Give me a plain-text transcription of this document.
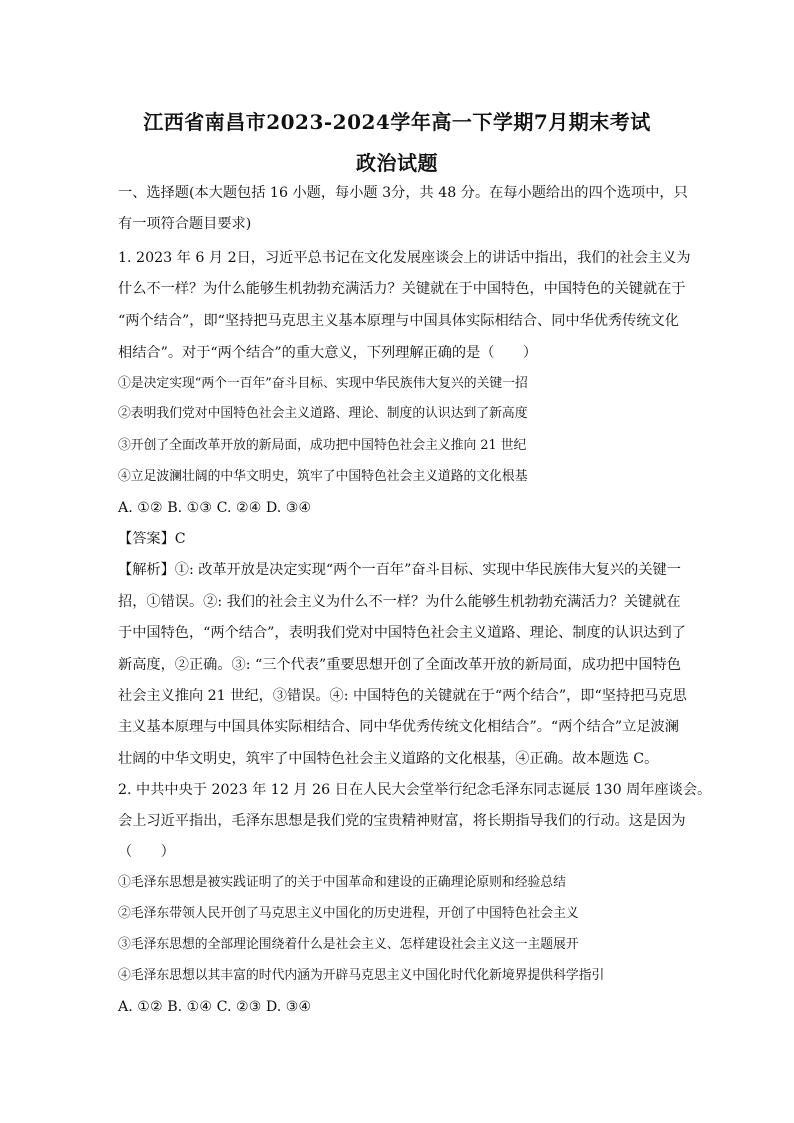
江西省南昌市2023-2024学年高一下学期7月期末考试
政治试题
一、选择题(本大题包括 16 小题，每小题 3分，共 48 分。在每小题给出的四个选项中，只
有一项符合题目要求)
1. 2023 年 6 月 2日，习近平总书记在文化发展座谈会上的讲话中指出，我们的社会主义为
什么不一样？为什么能够生机勃勃充满活力？关键就在于中国特色，中国特色的关键就在于
“两个结合”，即“坚持把马克思主义基本原理与中国具体实际相结合、同中华优秀传统文化
相结合”。对于“两个结合”的重大意义，下列理解正确的是（　　）
①是决定实现“两个一百年”奋斗目标、实现中华民族伟大复兴的关键一招
②表明我们党对中国特色社会主义道路、理论、制度的认识达到了新高度
③开创了全面改革开放的新局面，成功把中国特色社会主义推向 21 世纪
④立足波澜壮阔的中华文明史，筑牢了中国特色社会主义道路的文化根基
A. ①② B. ①③ C. ②④ D. ③④
【答案】C
【解析】①: 改革开放是决定实现“两个一百年”奋斗目标、实现中华民族伟大复兴的关键一
招，①错误。②: 我们的社会主义为什么不一样？为什么能够生机勃勃充满活力？关键就在
于中国特色，“两个结合”，表明我们党对中国特色社会主义道路、理论、制度的认识达到了
新高度，②正确。③: “三个代表”重要思想开创了全面改革开放的新局面，成功把中国特色
社会主义推向 21 世纪，③错误。④: 中国特色的关键就在于“两个结合”，即“坚持把马克思
主义基本原理与中国具体实际相结合、同中华优秀传统文化相结合”。“两个结合”立足波澜
壮阔的中华文明史，筑牢了中国特色社会主义道路的文化根基，④正确。故本题选 C。
2. 中共中央于 2023 年 12 月 26 日在人民大会堂举行纪念毛泽东同志诞辰 130 周年座谈会。
会上习近平指出，毛泽东思想是我们党的宝贵精神财富，将长期指导我们的行动。这是因为
（　　）
①毛泽东思想是被实践证明了的关于中国革命和建设的正确理论原则和经验总结
②毛泽东带领人民开创了马克思主义中国化的历史进程，开创了中国特色社会主义
③毛泽东思想的全部理论围绕着什么是社会主义、怎样建设社会主义这一主题展开
④毛泽东思想以其丰富的时代内涵为开辟马克思主义中国化时代化新境界提供科学指引
A. ①② B. ①④ C. ②③ D. ③④
